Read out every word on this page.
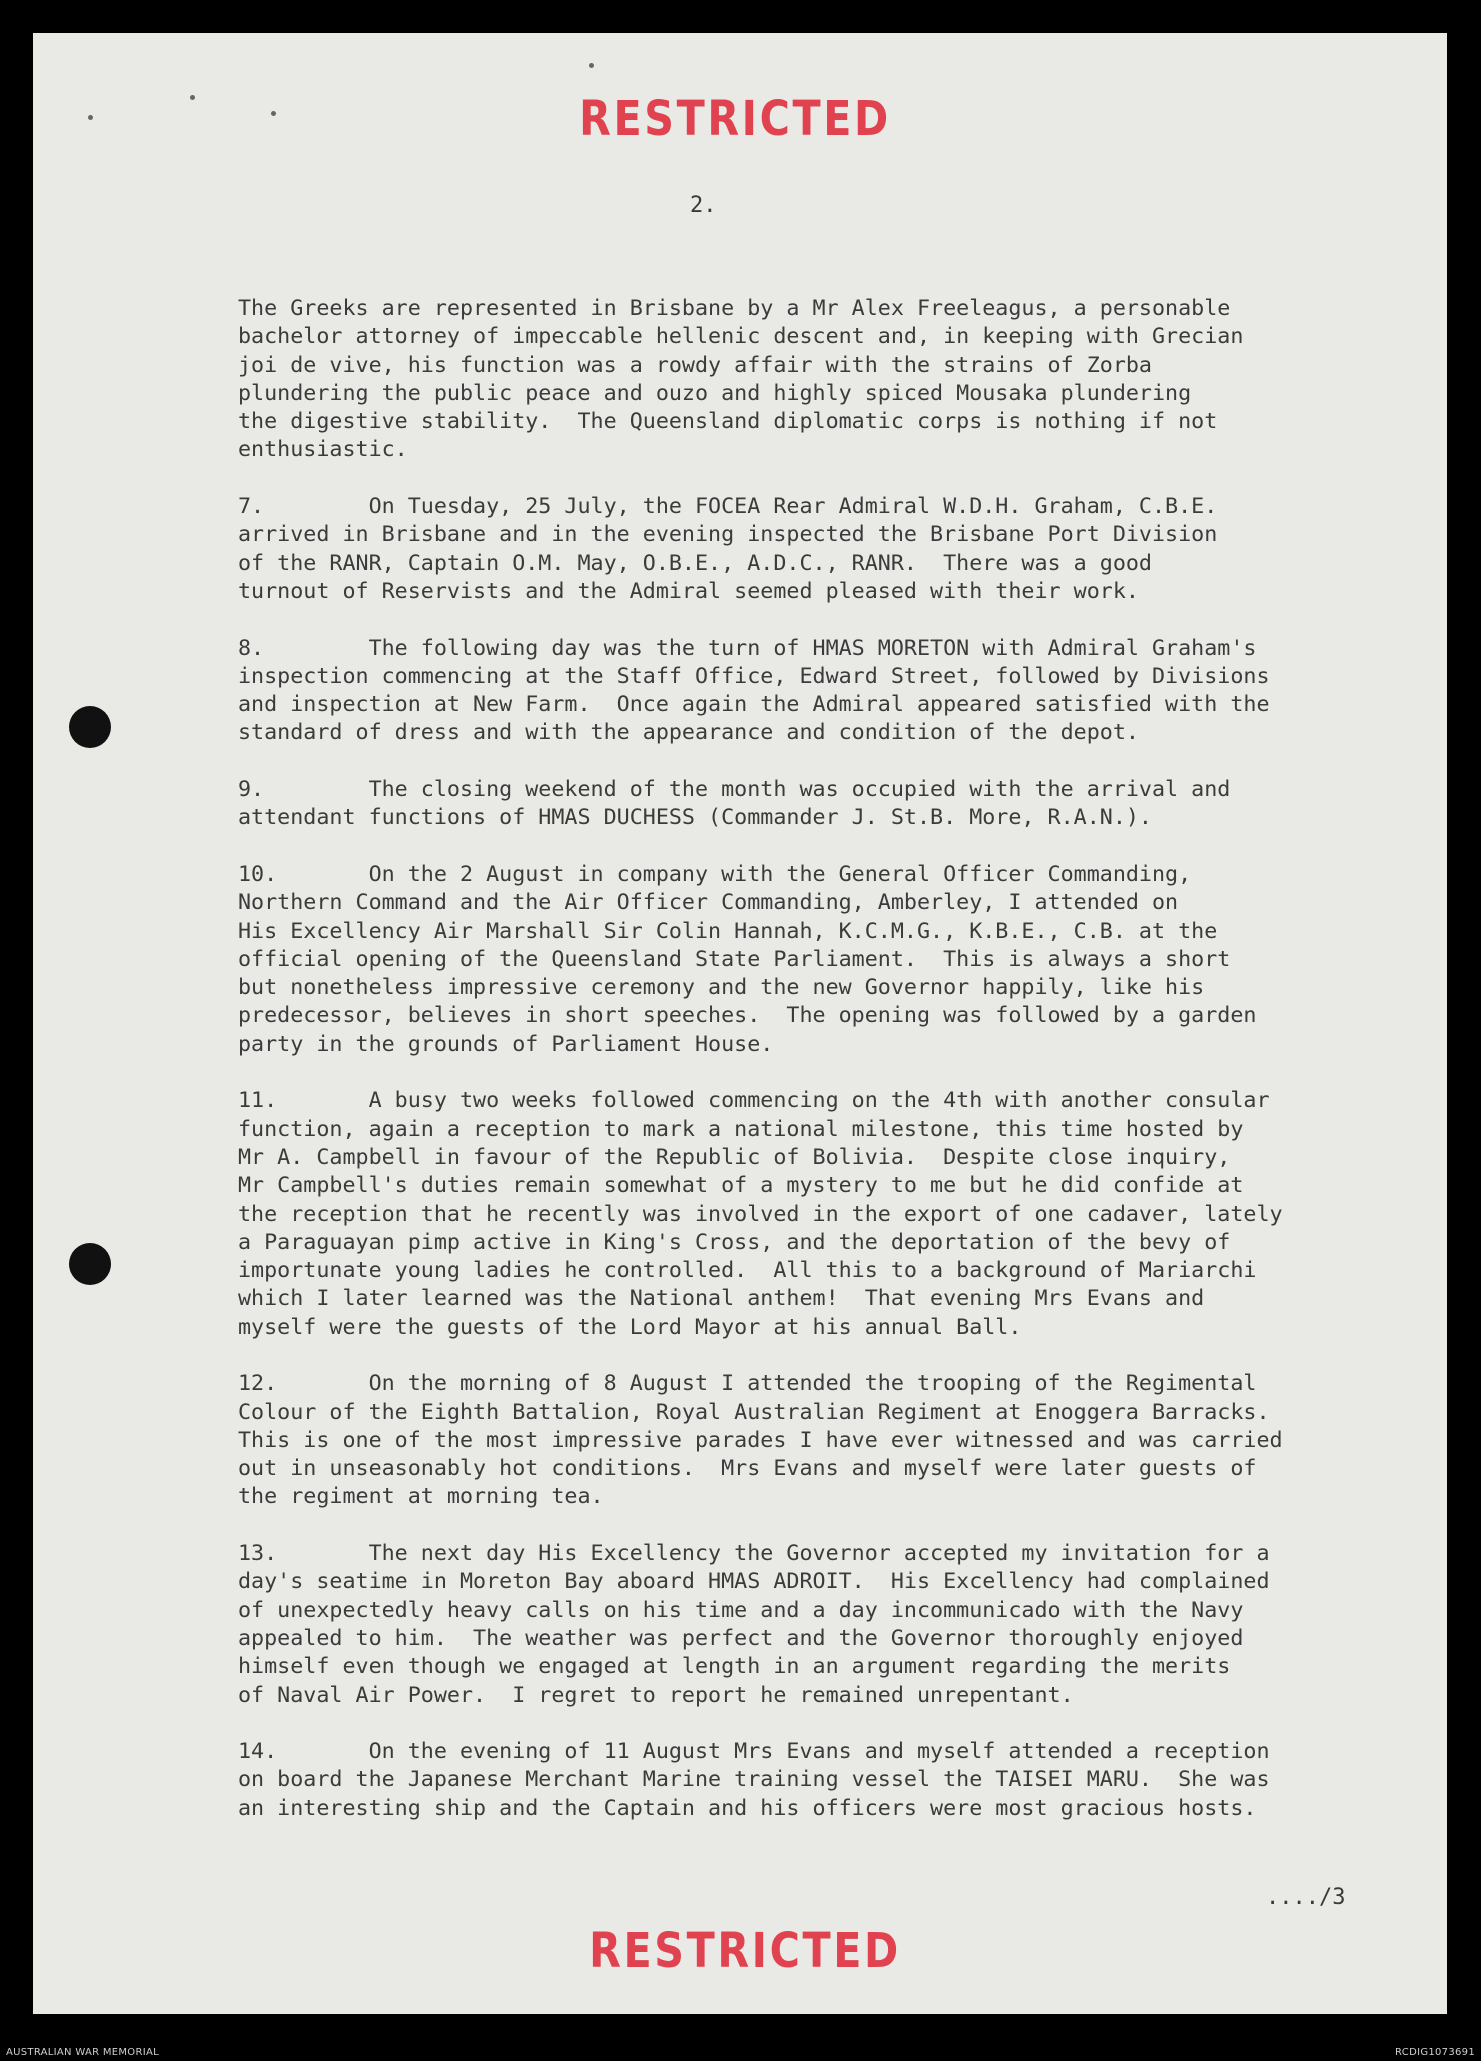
RESTRICTED
2.

The Greeks are represented in Brisbane by a Mr Alex Freeleagus, a personable
bachelor attorney of impeccable hellenic descent and, in keeping with Grecian
joi de vive, his function was a rowdy affair with the strains of Zorba
plundering the public peace and ouzo and highly spiced Mousaka plundering
the digestive stability.  The Queensland diplomatic corps is nothing if not
enthusiastic.

7.        On Tuesday, 25 July, the FOCEA Rear Admiral W.D.H. Graham, C.B.E.
arrived in Brisbane and in the evening inspected the Brisbane Port Division
of the RANR, Captain O.M. May, O.B.E., A.D.C., RANR.  There was a good
turnout of Reservists and the Admiral seemed pleased with their work.

8.        The following day was the turn of HMAS MORETON with Admiral Graham's
inspection commencing at the Staff Office, Edward Street, followed by Divisions
and inspection at New Farm.  Once again the Admiral appeared satisfied with the
standard of dress and with the appearance and condition of the depot.

9.        The closing weekend of the month was occupied with the arrival and
attendant functions of HMAS DUCHESS (Commander J. St.B. More, R.A.N.).

10.       On the 2 August in company with the General Officer Commanding,
Northern Command and the Air Officer Commanding, Amberley, I attended on
His Excellency Air Marshall Sir Colin Hannah, K.C.M.G., K.B.E., C.B. at the
official opening of the Queensland State Parliament.  This is always a short
but nonetheless impressive ceremony and the new Governor happily, like his
predecessor, believes in short speeches.  The opening was followed by a garden
party in the grounds of Parliament House.

11.       A busy two weeks followed commencing on the 4th with another consular
function, again a reception to mark a national milestone, this time hosted by
Mr A. Campbell in favour of the Republic of Bolivia.  Despite close inquiry,
Mr Campbell's duties remain somewhat of a mystery to me but he did confide at
the reception that he recently was involved in the export of one cadaver, lately
a Paraguayan pimp active in King's Cross, and the deportation of the bevy of
importunate young ladies he controlled.  All this to a background of Mariarchi
which I later learned was the National anthem!  That evening Mrs Evans and
myself were the guests of the Lord Mayor at his annual Ball.

12.       On the morning of 8 August I attended the trooping of the Regimental
Colour of the Eighth Battalion, Royal Australian Regiment at Enoggera Barracks.
This is one of the most impressive parades I have ever witnessed and was carried
out in unseasonably hot conditions.  Mrs Evans and myself were later guests of
the regiment at morning tea.

13.       The next day His Excellency the Governor accepted my invitation for a
day's seatime in Moreton Bay aboard HMAS ADROIT.  His Excellency had complained
of unexpectedly heavy calls on his time and a day incommunicado with the Navy
appealed to him.  The weather was perfect and the Governor thoroughly enjoyed
himself even though we engaged at length in an argument regarding the merits
of Naval Air Power.  I regret to report he remained unrepentant.

14.       On the evening of 11 August Mrs Evans and myself attended a reception
on board the Japanese Merchant Marine training vessel the TAISEI MARU.  She was
an interesting ship and the Captain and his officers were most gracious hosts.

..../3
RESTRICTED
AUSTRALIAN WAR MEMORIAL	RCDIG1073691
